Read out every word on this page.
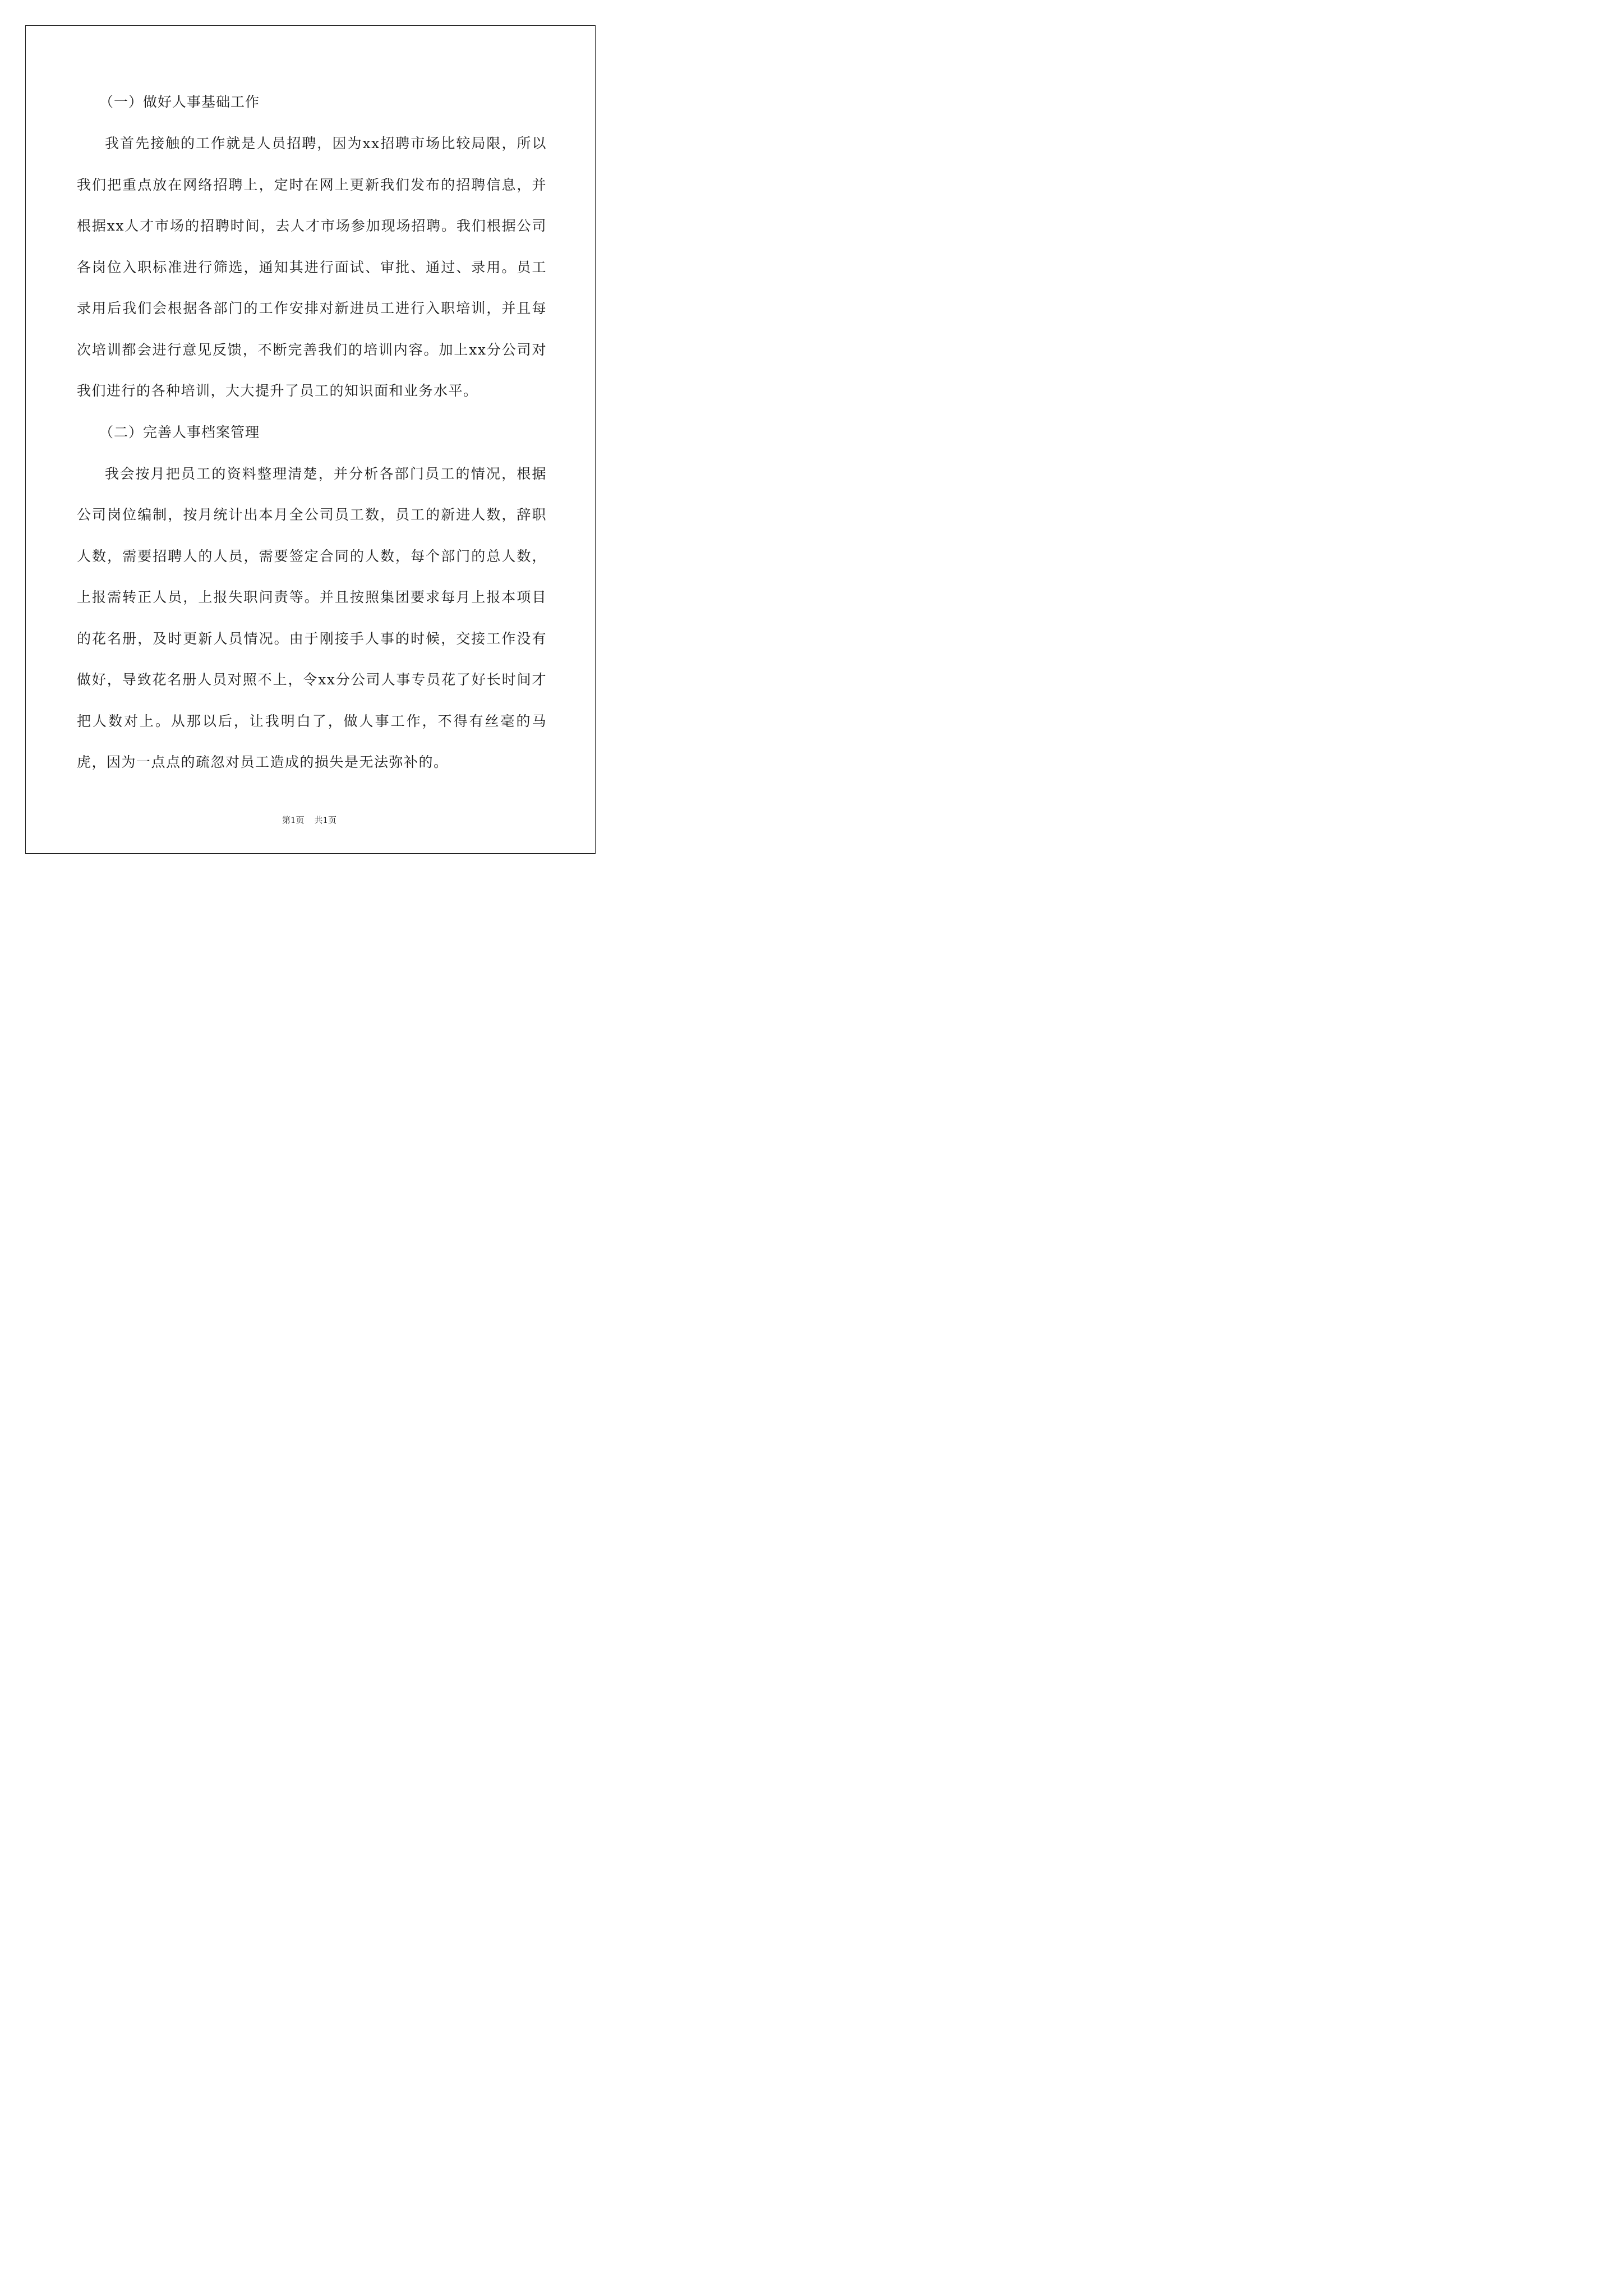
（一）做好人事基础工作

我首先接触的工作就是人员招聘，因为xx招聘市场比较局限，所以我们把重点放在网络招聘上，定时在网上更新我们发布的招聘信息，并根据xx人才市场的招聘时间，去人才市场参加现场招聘。我们根据公司各岗位入职标准进行筛选，通知其进行面试、审批、通过、录用。员工录用后我们会根据各部门的工作安排对新进员工进行入职培训，并且每次培训都会进行意见反馈，不断完善我们的培训内容。加上xx分公司对我们进行的各种培训，大大提升了员工的知识面和业务水平。

（二）完善人事档案管理

我会按月把员工的资料整理清楚，并分析各部门员工的情况，根据公司岗位编制，按月统计出本月全公司员工数，员工的新进人数，辞职人数，需要招聘人的人员，需要签定合同的人数，每个部门的总人数，上报需转正人员，上报失职问责等。并且按照集团要求每月上报本项目的花名册，及时更新人员情况。由于刚接手人事的时候，交接工作没有做好，导致花名册人员对照不上，令xx分公司人事专员花了好长时间才把人数对上。从那以后，让我明白了，做人事工作，不得有丝毫的马虎，因为一点点的疏忽对员工造成的损失是无法弥补的。

第1页 共1页
